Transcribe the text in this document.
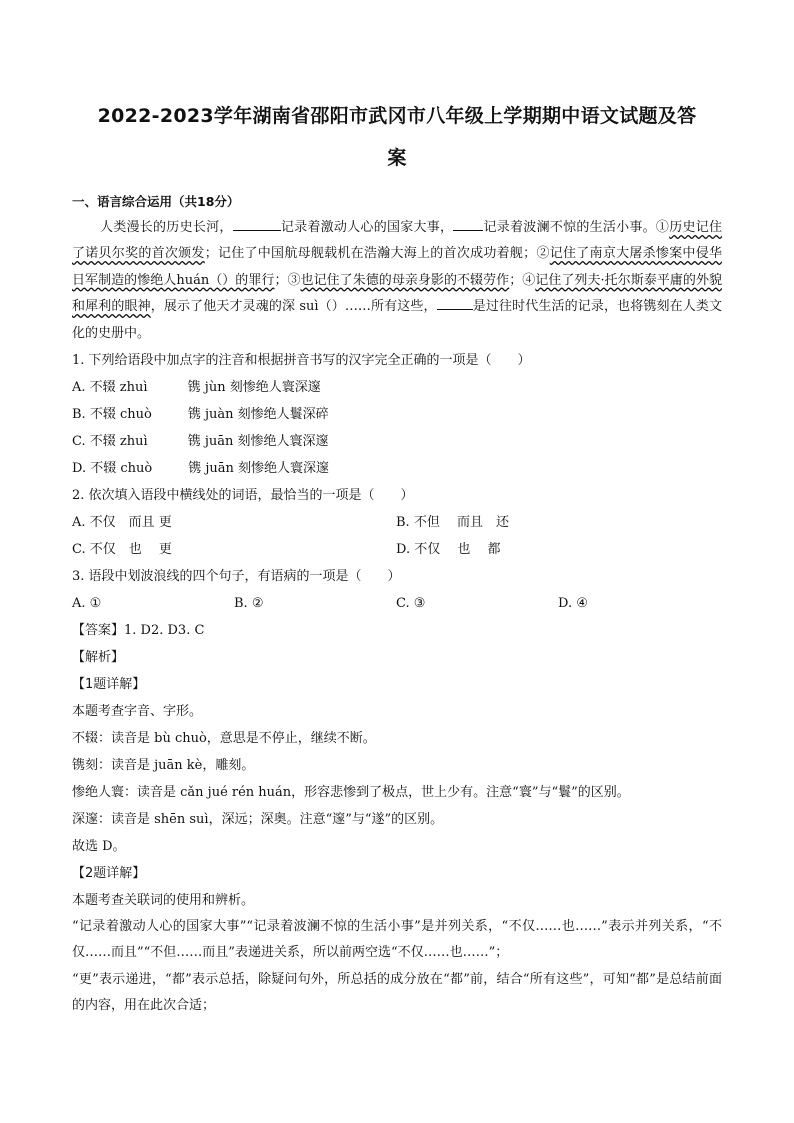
2022-2023学年湖南省邵阳市武冈市八年级上学期期中语文试题及答
案
一、语言综合运用（共18分）

人类漫长的历史长河，	记录着激动人心的国家大事， 记录着波澜不惊的生活小事。①历史记住了诺贝尔奖的首次颁发；记住了中国航母舰载机在浩瀚大海上的首次成功着舰；②记住了南京大屠杀惨案中侵华日军制造的惨绝人huán（）的罪行；③也记住了朱德的母亲身影的不辍劳作；④记住了列夫·托尔斯泰平庸的外貌和犀利的眼神，展示了他天才灵魂的深 suì（）……所有这些，	是过往时代生活的记录，也将镌刻在人类文化的史册中。

1. 下列给语段中加点字的注音和根据拼音书写的汉字完全正确的一项是（　　）

A. 不辍 zhuì	镌 jùn 刻惨绝人寰深邃

B. 不辍 chuò	镌 juàn 刻惨绝人鬟深碎

C. 不辍 zhuì	镌 juān 刻惨绝人寰深邃

D. 不辍 chuò	镌 juān 刻惨绝人寰深邃

2. 依次填入语段中横线处的词语，最恰当的一项是（　　）

A. 不仅　而且 更	B. 不但　 而且　还

C. 不仅　也　 更	D. 不仅　 也　 都

3. 语段中划波浪线的四个句子，有语病的一项是（　　）

A. ①	B. ②	C. ③	D. ④

【答案】1. D2. D3. C

【解析】

【1题详解】

本题考查字音、字形。

不辍：读音是 bù chuò，意思是不停止，继续不断。

镌刻：读音是 juān kè，雕刻。

惨绝人寰：读音是 cǎn jué rén huán，形容悲惨到了极点，世上少有。注意“寰”与“鬟”的区别。

深邃：读音是 shēn suì，深远；深奥。注意“邃”与“遂”的区别。

故选 D。

【2题详解】

本题考查关联词的使用和辨析。

“记录着激动人心的国家大事”“记录着波澜不惊的生活小事”是并列关系，“不仅……也……”表示并列关系，“不仅……而且”“不但……而且”表递进关系，所以前两空选“不仅……也……”；

“更”表示递进，“都”表示总括，除疑问句外，所总括的成分放在“都”前，结合“所有这些”，可知“都”是总结前面的内容，用在此次合适；
